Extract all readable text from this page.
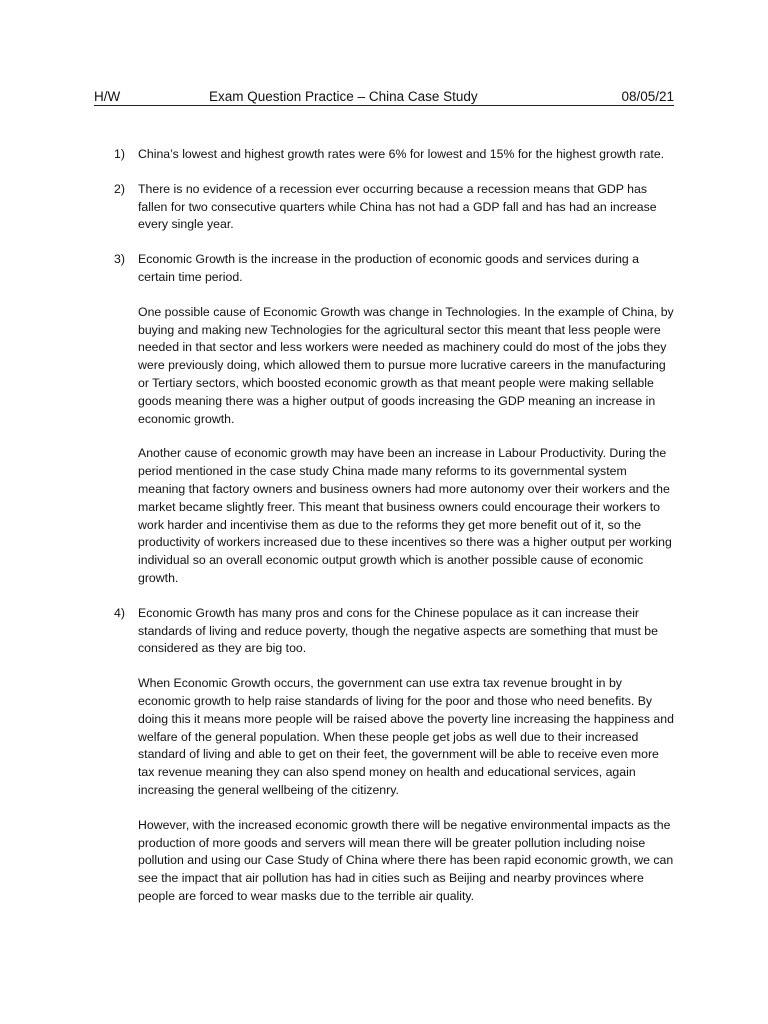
H/W	Exam Question Practice – China Case Study	08/05/21
1) China’s lowest and highest growth rates were 6% for lowest and 15% for the highest growth rate.

2) There is no evidence of a recession ever occurring because a recession means that GDP has fallen for two consecutive quarters while China has not had a GDP fall and has had an increase every single year.

3) Economic Growth is the increase in the production of economic goods and services during a certain time period.

One possible cause of Economic Growth was change in Technologies. In the example of China, by buying and making new Technologies for the agricultural sector this meant that less people were needed in that sector and less workers were needed as machinery could do most of the jobs they were previously doing, which allowed them to pursue more lucrative careers in the manufacturing or Tertiary sectors, which boosted economic growth as that meant people were making sellable goods meaning there was a higher output of goods increasing the GDP meaning an increase in economic growth.

Another cause of economic growth may have been an increase in Labour Productivity. During the period mentioned in the case study China made many reforms to its governmental system meaning that factory owners and business owners had more autonomy over their workers and the market became slightly freer. This meant that business owners could encourage their workers to work harder and incentivise them as due to the reforms they get more benefit out of it, so the productivity of workers increased due to these incentives so there was a higher output per working individual so an overall economic output growth which is another possible cause of economic growth.

4) Economic Growth has many pros and cons for the Chinese populace as it can increase their standards of living and reduce poverty, though the negative aspects are something that must be considered as they are big too.

When Economic Growth occurs, the government can use extra tax revenue brought in by economic growth to help raise standards of living for the poor and those who need benefits. By doing this it means more people will be raised above the poverty line increasing the happiness and welfare of the general population. When these people get jobs as well due to their increased standard of living and able to get on their feet, the government will be able to receive even more tax revenue meaning they can also spend money on health and educational services, again increasing the general wellbeing of the citizenry.

However, with the increased economic growth there will be negative environmental impacts as the production of more goods and servers will mean there will be greater pollution including noise pollution and using our Case Study of China where there has been rapid economic growth, we can see the impact that air pollution has had in cities such as Beijing and nearby provinces where people are forced to wear masks due to the terrible air quality.
